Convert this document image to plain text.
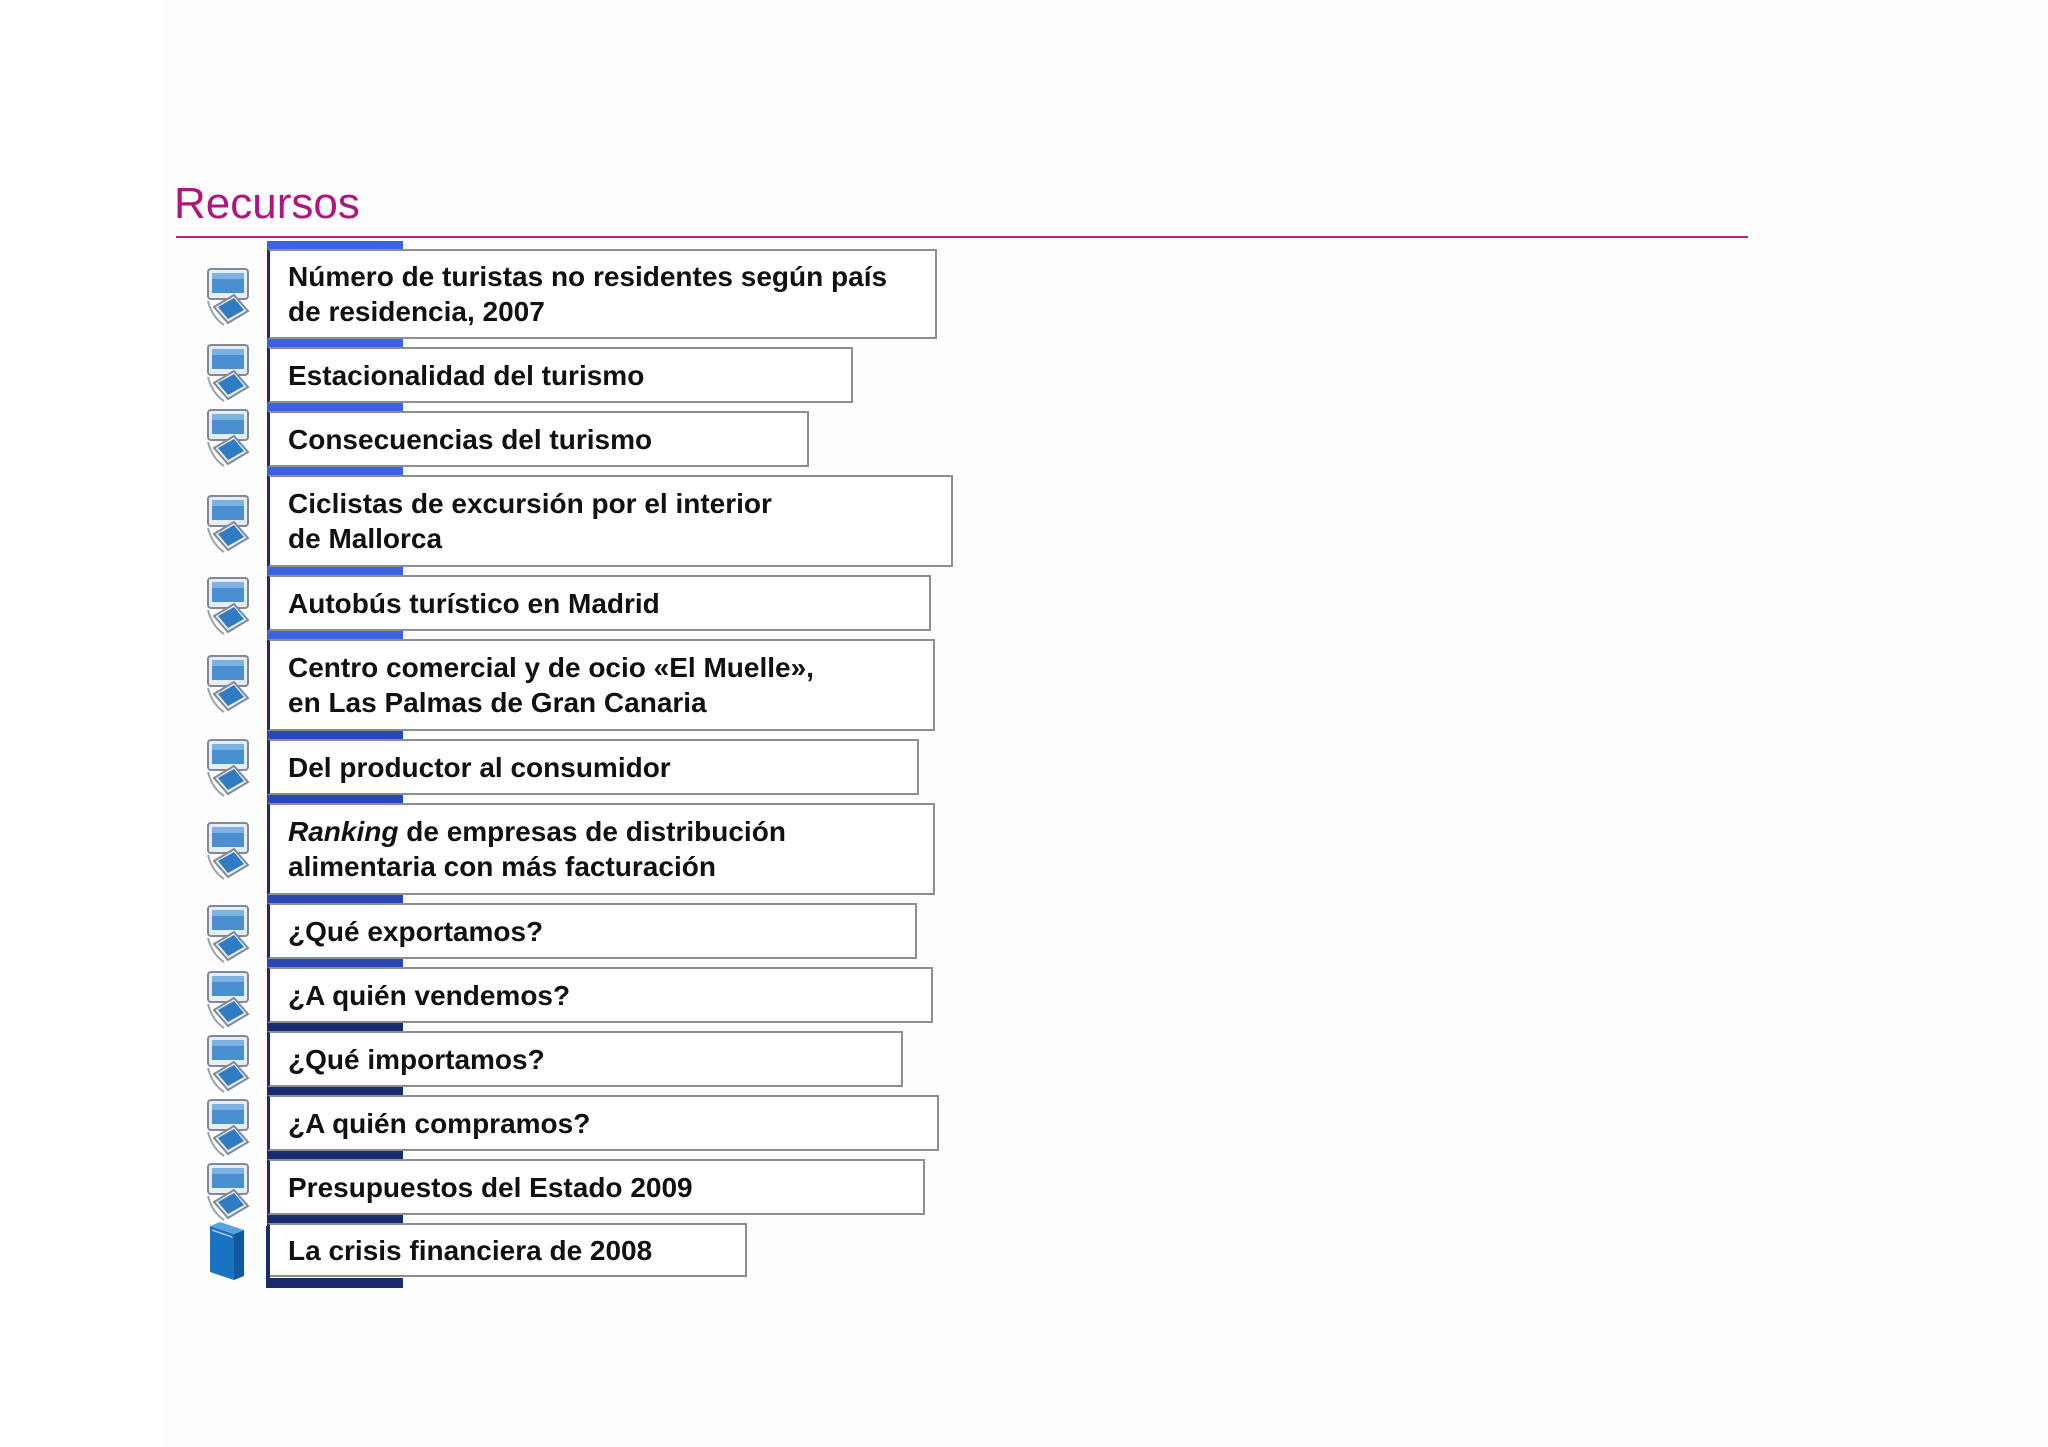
Recursos
Número de turistas no residentes según país
de residencia, 2007
Estacionalidad del turismo
Consecuencias del turismo
Ciclistas de excursión por el interior
de Mallorca
Autobús turístico en Madrid
Centro comercial y de ocio «El Muelle»,
en Las Palmas de Gran Canaria
Del productor al consumidor
Ranking de empresas de distribución
alimentaria con más facturación
¿Qué exportamos?
¿A quién vendemos?
¿Qué importamos?
¿A quién compramos?
Presupuestos del Estado 2009
La crisis financiera de 2008
